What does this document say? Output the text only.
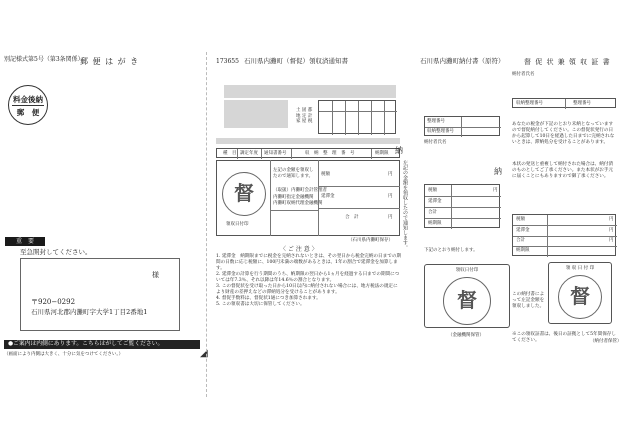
別記様式第5号（第3条関係）
郵 便 は が き
料金後納
郵　便
重　要
至急開封してください。
様
〒920−0292
石川県河北郡内灘町字大学1丁目2番地1
●ご案内は内側にあります。こちらはがしてご覧ください。
（画面により内側は大きく、十分に気をつけてください。）	◢
173655 石川県内灘町（督促）領収済通知書
土 固 都
地 定 計
家 屋 税
種　目 調定年度 通知書番号	収　納　整　理　番　号	納期限
督
領収日付印
左記の金額を領収したので通知します。
（取扱）内灘町会計管理者
内灘町指定金融機関
内灘町収納代理金融機関
税額	円
延滞金	円
合　計	円
納
左記の金額を領収したので通知します。
（石川県内灘町保存）
〈 ご 注 意 〉
1. 延滞金　納期限までに税金を完納されないときは、その翌日から税金完納の日までの期間の日数に応じ税額に、100円未満の端数があるときは、1年の割合で延滞金を加算します。
2. 延滞金の計算を行う期間のうち、納期限の翌日から1ヵ月を経過する日までの期間については年7.3％、それ以降は年14.6％の割合となります。
3. この督促状を受け取った日から10日以内に納付されない場合には、地方税法の規定により財産の差押えなどの滞納処分を受けることがあります。
4. 督促手数料は、督促状1通につき加算されます。
5. この領収書は大切に保管してください。
石川県内灘町納付書（原符）
整理番号
収納整理番号
納付者氏名
納
税額	円
延滞金
合計
納期限
下記のとおり納付します。
領収日付印
督
（金融機関保管）
督 促 状 兼 領 収 証 書
納付者氏名
収納整理番号	整理番号
あなたの税金が下記のとおり未納となっていますので督促納付してください。この督促状発行の日から起算して10日を経過した日までに完納されないときは、滞納処分を受けることがあります。
本状の発送と重複して納付された場合は、納付済のものとしてご了承ください。また本状がお手元に届くことにもありますので御了承ください。
税額	円
延滞金	円
合計	円
納期限
領 収 日 付 印
督
この納付書によって左記金額を領収しました。
※この領収証書は、後日の証拠として5年間保存してください。	（納付者保管）
